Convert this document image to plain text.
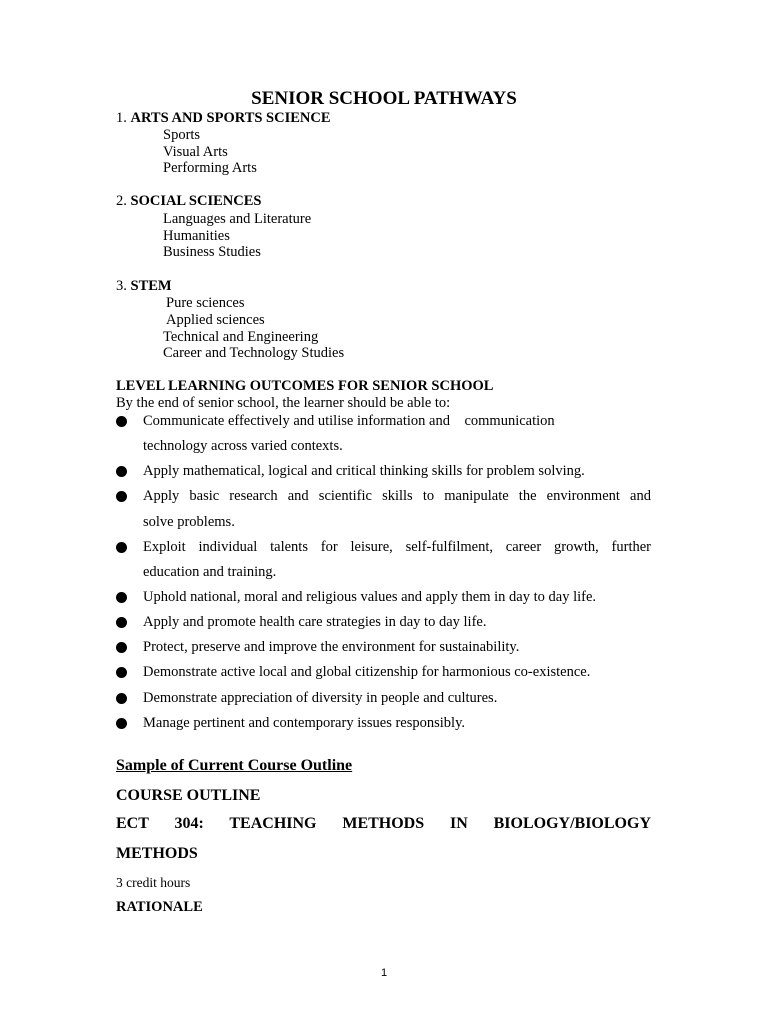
SENIOR SCHOOL PATHWAYS
1. ARTS AND SPORTS SCIENCE
Sports
Visual Arts
Performing Arts
2. SOCIAL SCIENCES
Languages and Literature
Humanities
Business Studies
3. STEM
Pure sciences
Applied sciences
Technical and Engineering
Career and Technology Studies
LEVEL LEARNING OUTCOMES FOR SENIOR SCHOOL
By the end of senior school, the learner should be able to:
Communicate effectively and utilise information and communication
technology across varied contexts.
Apply mathematical, logical and critical thinking skills for problem solving.
Apply basic research and scientific skills to manipulate the environment and
solve problems.
Exploit individual talents for leisure, self-fulfilment, career growth, further
education and training.
Uphold national, moral and religious values and apply them in day to day life.
Apply and promote health care strategies in day to day life.
Protect, preserve and improve the environment for sustainability.
Demonstrate active local and global citizenship for harmonious co-existence.
Demonstrate appreciation of diversity in people and cultures.
Manage pertinent and contemporary issues responsibly.
Sample of Current Course Outline
COURSE OUTLINE
ECT 304: TEACHING METHODS IN BIOLOGY/BIOLOGY
METHODS
3 credit hours
RATIONALE
1
